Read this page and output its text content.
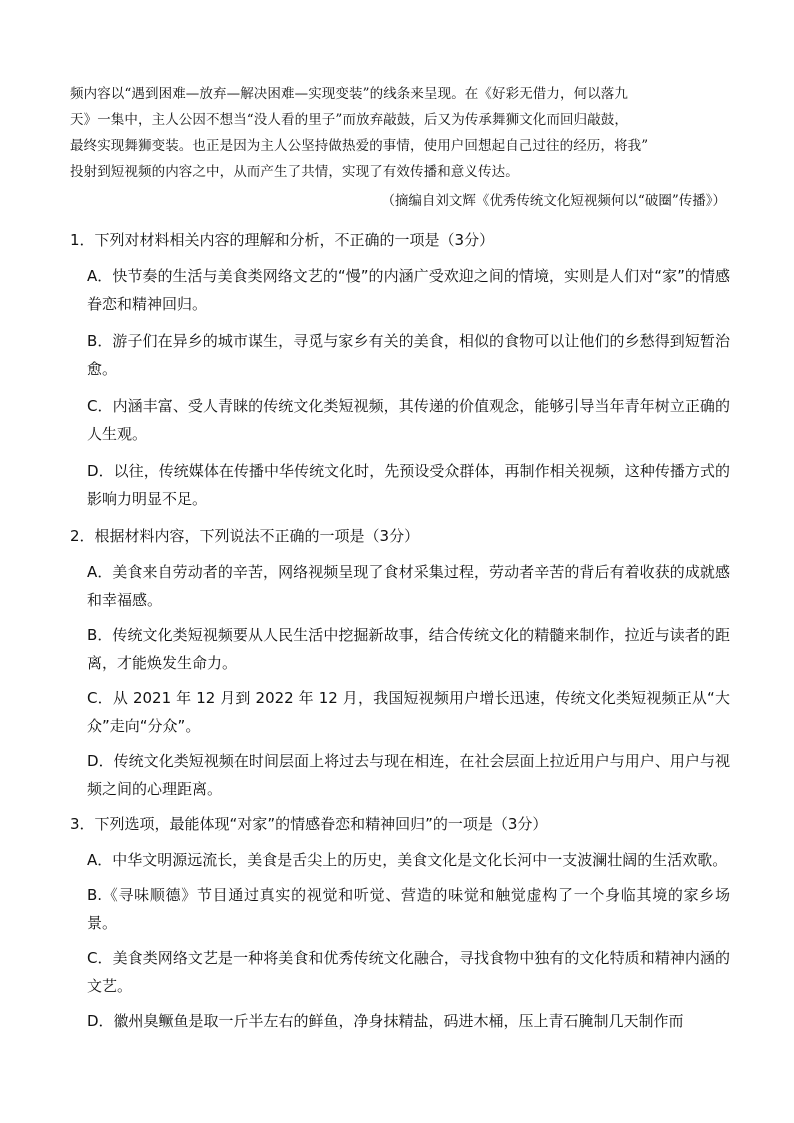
频内容以“遇到困难—放弃—解决困难—实现变装”的线条来呈现。在《好彩无借力，何以落九

天》一集中，主人公因不想当“没人看的里子”而放弃敲鼓，后又为传承舞狮文化而回归敲鼓，

最终实现舞狮变装。也正是因为主人公坚持做热爱的事情，使用户回想起自己过往的经历，将我”

投射到短视频的内容之中，从而产生了共情，实现了有效传播和意义传达。

（摘编自刘文辉《优秀传统文化短视频何以“破圈”传播》）
1．下列对材料相关内容的理解和分析，不正确的一项是（3分）
A．快节奏的生活与美食类网络文艺的“慢”的内涵广受欢迎之间的情境，实则是人们对“家”的情感眷恋和精神回归。
B．游子们在异乡的城市谋生，寻觅与家乡有关的美食，相似的食物可以让他们的乡愁得到短暂治愈。
C．内涵丰富、受人青睐的传统文化类短视频，其传递的价值观念，能够引导当年青年树立正确的人生观。
D．以往，传统媒体在传播中华传统文化时，先预设受众群体，再制作相关视频，这种传播方式的影响力明显不足。
2．根据材料内容，下列说法不正确的一项是（3分）
A．美食来自劳动者的辛苦，网络视频呈现了食材采集过程，劳动者辛苦的背后有着收获的成就感和幸福感。
B．传统文化类短视频要从人民生活中挖掘新故事，结合传统文化的精髓来制作，拉近与读者的距离，才能焕发生命力。
C．从 2021 年 12 月到 2022 年 12 月，我国短视频用户增长迅速，传统文化类短视频正从“大众”走向“分众”。
D．传统文化类短视频在时间层面上将过去与现在相连，在社会层面上拉近用户与用户、用户与视频之间的心理距离。
3．下列选项，最能体现“对家”的情感眷恋和精神回归”的一项是（3分）
A．中华文明源远流长，美食是舌尖上的历史，美食文化是文化长河中一支波澜壮阔的生活欢歌。
B.《寻味顺德》节目通过真实的视觉和听觉、营造的味觉和触觉虚构了一个身临其境的家乡场景。
C．美食类网络文艺是一种将美食和优秀传统文化融合，寻找食物中独有的文化特质和精神内涵的文艺。
D．徽州臭鳜鱼是取一斤半左右的鲜鱼，净身抹精盐，码进木桶，压上青石腌制几天制作而
